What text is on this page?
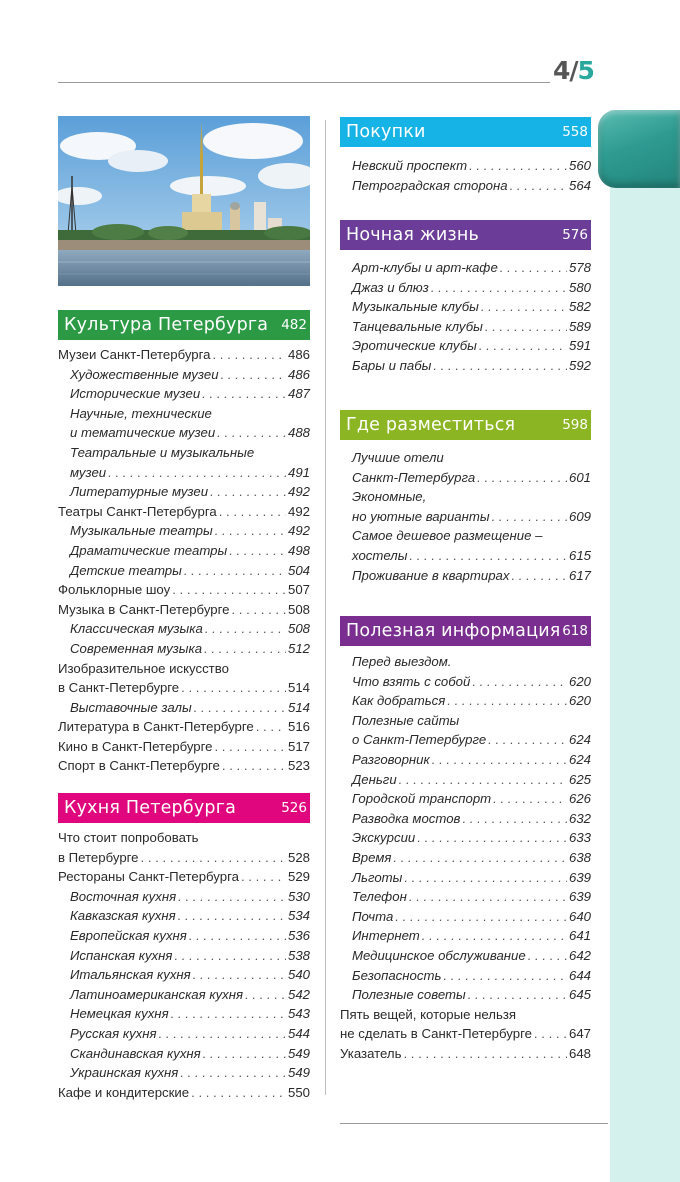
4/5
Культура Петербурга 482
Музеи Санкт-Петербурга . . .	486
Художественные музеи . . .	486
Исторические музеи . . .	487
Научные, технические
и тематические музеи . . .	488
Театральные и музыкальные
музеи . . .	491
Литературные музеи . . .	492
Театры Санкт-Петербурга . . .	492
Музыкальные театры . . .	492
Драматические театры . . .	498
Детские театры . . .	504
Фольклорные шоу . . .	507
Музыка в Санкт-Петербурге . . .	508
Классическая музыка . . .	508
Современная музыка . . .	512
Изобразительное искусство
в Санкт-Петербурге . . .	514
Выставочные залы . . .	514
Литература в Санкт-Петербурге . . .	516
Кино в Санкт-Петербурге . . .	517
Спорт в Санкт-Петербурге . . .	523
Кухня Петербурга	526
Что стоит попробовать
в Петербурге . . .	528
Рестораны Санкт-Петербурга . . .	529
Восточная кухня . . .	530
Кавказская кухня . . .	534
Европейская кухня . . .	536
Испанская кухня . . .	538
Итальянская кухня . . .	540
Латиноамериканская кухня . . .	542
Немецкая кухня . . .	543
Русская кухня . . .	544
Скандинавская кухня . . .	549
Украинская кухня . . .	549
Кафе и кондитерские . . .	550
Покупки	558
Невский проспект . . .	560
Петроградская сторона . . .	564
Ночная жизнь	576
Арт-клубы и арт-кафе . . .	578
Джаз и блюз . . .	580
Музыкальные клубы . . .	582
Танцевальные клубы . . .	589
Эротические клубы . . .	591
Бары и пабы . . .	592
Где разместиться	598
Лучшие отели
Санкт-Петербурга . . .	601
Экономные,
но уютные варианты . . .	609
Самое дешевое размещение –
хостелы . . .	615
Проживание в квартирах . . .	617
Полезная информация 618
Перед выездом.
Что взять с собой . . .	620
Как добраться . . .	620
Полезные сайты
о Санкт-Петербурге . . .	624
Разговорник . . .	624
Деньги . . .	625
Городской транспорт . . .	626
Разводка мостов . . .	632
Экскурсии . . .	633
Время . . .	638
Льготы . . .	639
Телефон . . .	639
Почта . . .	640
Интернет . . .	641
Медицинское обслуживание . . .	642
Безопасность . . .	644
Полезные советы . . .	645
Пять вещей, которые нельзя
не сделать в Санкт-Петербурге . . .	647
Указатель . . .	648
